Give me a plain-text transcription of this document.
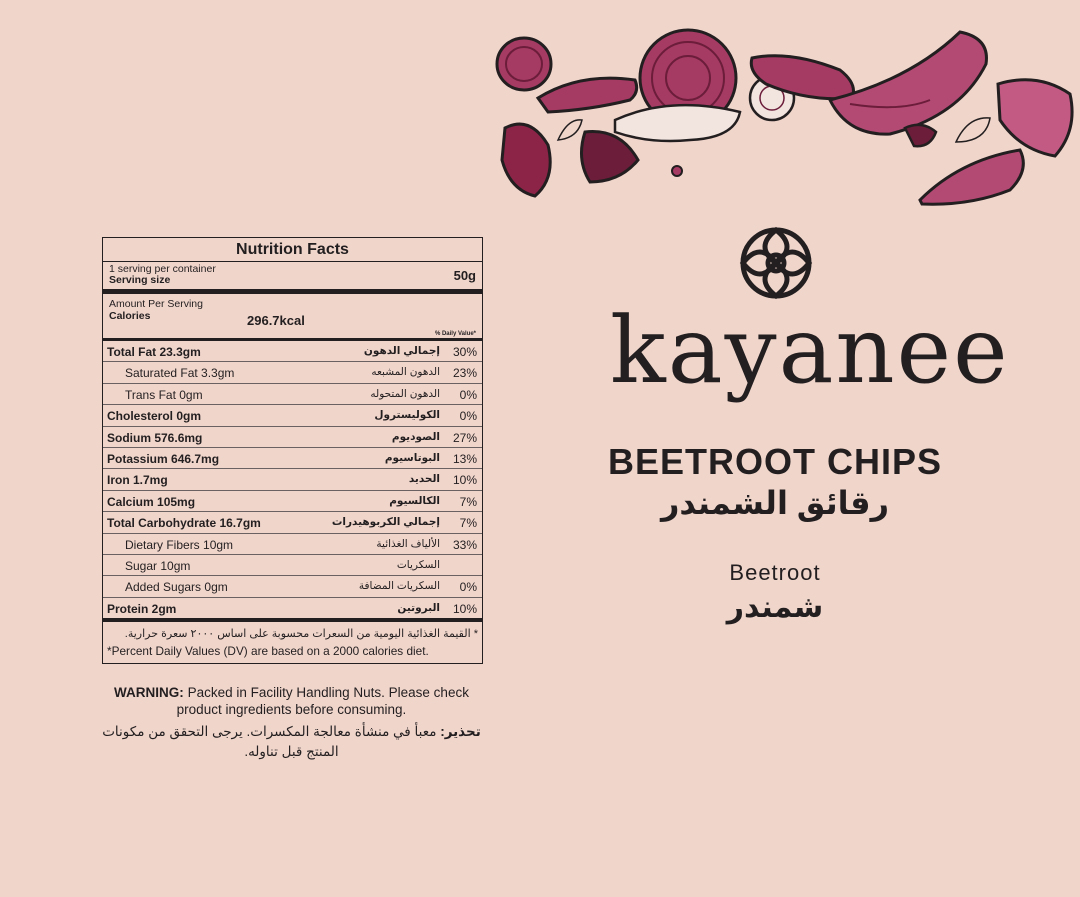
Nutrition Facts
1 serving per container
Serving size	50g
Amount Per Serving
Calories	296.7kcal
% Daily Value*
Total Fat 23.3gm	إجمالي الدهون 30%
Saturated Fat 3.3gm	الدهون المشبعه 23%
Trans Fat 0gm	الدهون المتحوله 0%
Cholesterol 0gm	الكوليسترول 0%
Sodium 576.6mg	الصوديوم 27%
Potassium 646.7mg	البوتاسيوم 13%
Iron 1.7mg	الحديد 10%
Calcium 105mg	الكالسيوم 7%
Total Carbohydrate 16.7gm	إجمالي الكربوهيدرات 7%
Dietary Fibers 10gm	الألياف الغذائية 33%
Sugar 10gm	السكريات
Added Sugars 0gm	السكريات المضافة 0%
Protein 2gm	البروتين 10%
* القيمة الغذائية اليومية من السعرات محسوبة على اساس ٢٠٠٠ سعرة حرارية.
*Percent Daily Values (DV) are based on a 2000 calories diet.
WARNING: Packed in Facility Handling Nuts. Please check product ingredients before consuming.
تحذير: معبأ في منشأة معالجة المكسرات. يرجى التحقق من مكونات المنتج قبل تناوله.
kayanee
BEETROOT CHIPS
رقائق الشمندر
Beetroot
شمندر
